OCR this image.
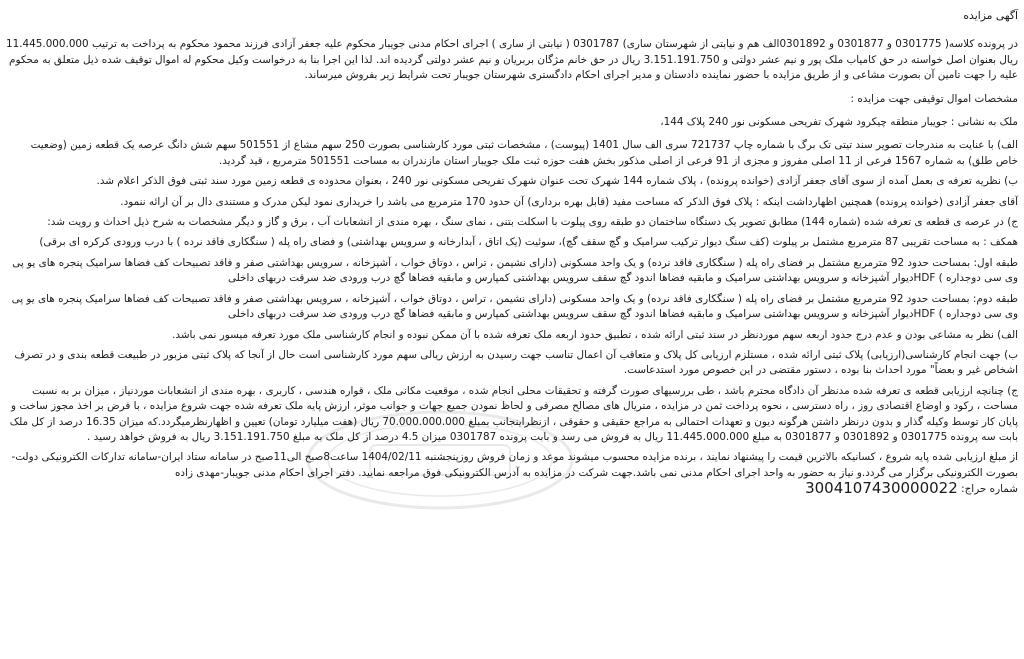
آگهی مزایده

در پرونده کلاسه( 0301775 و 0301877 و 0301892الف هم و نیابتی از شهرستان ساری) 0301787 ( نیابتی از ساری ) اجرای احکام مدنی جویبار محکوم علیه جعفر آزادی فرزند محمود محکوم به پرداخت به ترتیب 11.445.000.000 ریال بعنوان اصل خواسته در حق کامیاب ملک پور و نیم عشر دولتی و 3.151.191.750 ریال در حق خانم مژگان بربریان و نیم عشر دولتی گردیده اند. لذا این اجرا بنا به درخواست وکیل محکوم له اموال توقیف شده ذیل متعلق به محکوم علیه را جهت تامین آن بصورت مشاعی و از طریق مزایده با حضور نماینده دادستان و مدیر اجرای احکام دادگستری شهرستان جویبار تحت شرایط زیر بفروش میرساند.

مشخصات اموال توقیفی جهت مزایده :

ملک به نشانی : جویبار منطقه چیکرود شهرک تفریحی مسکونی نور 240 پلاک 144،

الف) با عنایت به مندرجات تصویر سند تیتی تک برگ با شماره چاپ 721737 سری الف سال 1401 (پیوست) ، مشخصات ثبتی مورد کارشناسی بصورت 250 سهم مشاع از 501551 سهم شش دانگ عرصه یک قطعه زمین (وضعیت خاص طلق) به شماره 1567 فرعی از 11 اصلی مفروز و مجزی از 91 فرعی از اصلی مذکور بخش هفت حوزه ثبت ملک جویبار استان مازندران به مساحت 501551 مترمربع ، قید گردید.

ب) نظریه تعرفه ی بعمل آمده از سوی آقای جعفر آزادی (خوانده پرونده) ، پلاک شماره 144 شهرک تحت عنوان شهرک تفریحی مسکونی نور 240 ، بعنوان محدوده ی قطعه زمین مورد سند ثبتی فوق الذکر اعلام شد.

آقای جعفر آزادی (خوانده پرونده) همچنین اظهارداشت اینکه : پلاک فوق الذکر که مساحت مفید (قابل بهره برداری) آن حدود 170 مترمربع می باشد را خریداری نمود لیکن مدرک و مستندی دال بر آن ارائه ننمود.

ج) در عرصه ی قطعه ی تعرفه شده (شماره 144) مطابق تصویر یک دستگاه ساختمان دو طبقه روی پیلوت با اسکلت بتنی ، نمای سنگ ، بهره مندی از انشعابات آب ، برق و گاز و دیگر مشخصات به شرح ذیل احداث و رویت شد:

همکف : به مساحت تقریبی 87 مترمربع مشتمل بر پیلوت (کف سنگ دیوار ترکیب سرامیک و گچ سقف گچ)، سوئیت (یک اتاق ، آبدارخانه و سرویس بهداشتی) و فضای راه پله ( سنگکاری فاقد نرده ) با درب ورودی کرکره ای برقی)

طبقه اول: بمساحت حدود 92 مترمربع مشتمل بر فضای راه پله ( سنگکاری فاقد نرده) و یک واحد مسکونی (دارای نشیمن ، تراس ، دوتاق خواب ، آشپزخانه ، سرویس بهداشتی صفر و فاقد تصبیحات کف فضاها سرامیک پنجره های یو پی وی سی دوجداره ) HDFدیوار آشپزخانه و سرویس بهداشتی سرامیک و مابقیه فضاها اندود گچ سقف سرویس بهداشتی کمپارس و مابقیه فضاها گچ درب ورودی ضد سرقت دربهای داخلی

طبقه دوم: بمساحت حدود 92 مترمربع مشتمل بر فضای راه پله ( سنگکاری فاقد نرده) و یک واحد مسکونی (دارای نشیمن ، تراس ، دوتاق خواب ، آشپزخانه ، سرویس بهداشتی صفر و فاقد تصبیحات کف فضاها سرامیک پنجره های یو پی وی سی دوجداره ) HDFدیوار آشپزخانه و سرویس بهداشتی سرامیک و مابقیه فضاها اندود گچ سقف سرویس بهداشتی کمپارس و مابقیه فضاها گچ درب ورودی ضد سرقت دربهای داخلی

الف) نظر به مشاعی بودن و عدم درج حدود اربعه سهم موردنظر در سند ثبتی ارائه شده ، تطبیق حدود اربعه ملک تعرفه شده با آن ممکن نبوده و انجام کارشناسی ملک مورد تعرفه میسور نمی باشد.

ب) جهت انجام کارشناسی(ارزیابی) پلاک ثبتی ارائه شده ، مستلزم ارزیابی کل پلاک و متعاقب آن اعمال تناسب جهت رسیدن به ارزش ریالی سهم مورد کارشناسی است حال از آنجا که پلاک ثبتی مزبور در طبیعت قطعه بندی و در تصرف اشخاص غیر و بعضاً" مورد احداث بنا بوده ، دستور مقتضی در این خصوص مورد استدعاست.

ج) چنانچه ارزیابی قطعه ی تعرفه شده مدنظر آن دادگاه محترم باشد ، طی بررسیهای صورت گرفته و تحقیقات محلی انجام شده ، موقعیت مکانی ملک ، قواره هندسی ، کاربری ، بهره مندی از انشعابات موردنیاز ، میزان بر به نسبت مساحت ، رکود و اوضاع اقتصادی روز ، راه دسترسی ، نحوه پرداخت ثمن در مزایده ، متریال های مصالح مصرفی و لحاظ نمودن جمیع جهات و جوانب موثر، ارزش پایه ملک تعرفه شده جهت شروع مزایده ، با فرض بر اخذ مجوز ساخت و پایان کار توسط وکیله گذار و بدون درنظر داشتن هرگونه دیون و تعهدات احتمالی به مراجع حقیقی و حقوقی ، ازنظراینجانب بمبلغ 70.000.000.000 ریال (هفت میلیارد تومان) تعیین و اظهارنظرمیگردد.که میزان 16.35 درصد از کل ملک بابت سه پرونده 0301775 و 0301892 و 0301877 به مبلغ 11.445.000.000 ریال به فروش می رسد و بابت پرونده 0301787 میزان 4.5 درصد از کل ملک به مبلغ 3.151.191.750 ریال به فروش خواهد رسید .

از مبلغ ارزیابی شده پایه شروع ، کسانیکه بالاترین قیمت را پیشنهاد نمایند ، برنده مزایده محسوب میشوند موعد و زمان فروش روزپنجشنبه 1404/02/11 ساعت8صبح الی11صبح در سامانه ستاد ایران-سامانه تدارکات الکترونیکی دولت-بصورت الکترونیکی برگزار می گردد.و نیاز به حضور به واحد اجرای احکام مدنی نمی باشد.جهت شرکت در مزایده به آدرس الکترونیکی فوق مراجعه نمایید. دفتر اجرای احکام مدنی جویبار-مهدی زاده

شماره حراج: 3004107430000022
